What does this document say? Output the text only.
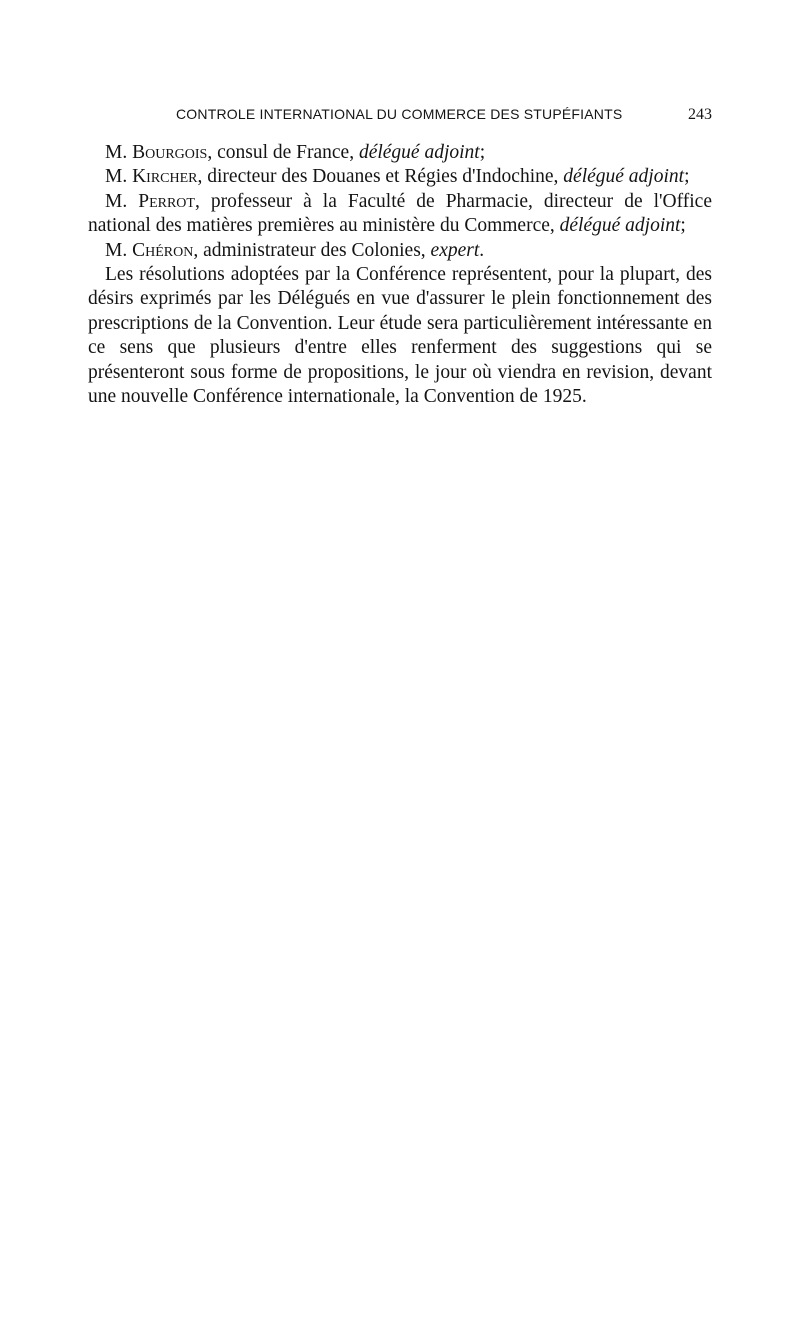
CONTROLE INTERNATIONAL DU COMMERCE DES STUPÉFIANTS	243

M. Bourgois, consul de France, délégué adjoint;

M. Kircher, directeur des Douanes et Régies d'Indochine, délégué adjoint;

M. Perrot, professeur à la Faculté de Pharmacie, directeur de l'Office national des matières premières au ministère du Commerce, délégué adjoint;

M. Chéron, administrateur des Colonies, expert.

Les résolutions adoptées par la Conférence représentent, pour la plupart, des désirs exprimés par les Délégués en vue d'assurer le plein fonctionnement des prescriptions de la Convention. Leur étude sera particulièrement intéressante en ce sens que plusieurs d'entre elles renferment des suggestions qui se présenteront sous forme de propositions, le jour où viendra en revision, devant une nouvelle Conférence internationale, la Convention de 1925.
